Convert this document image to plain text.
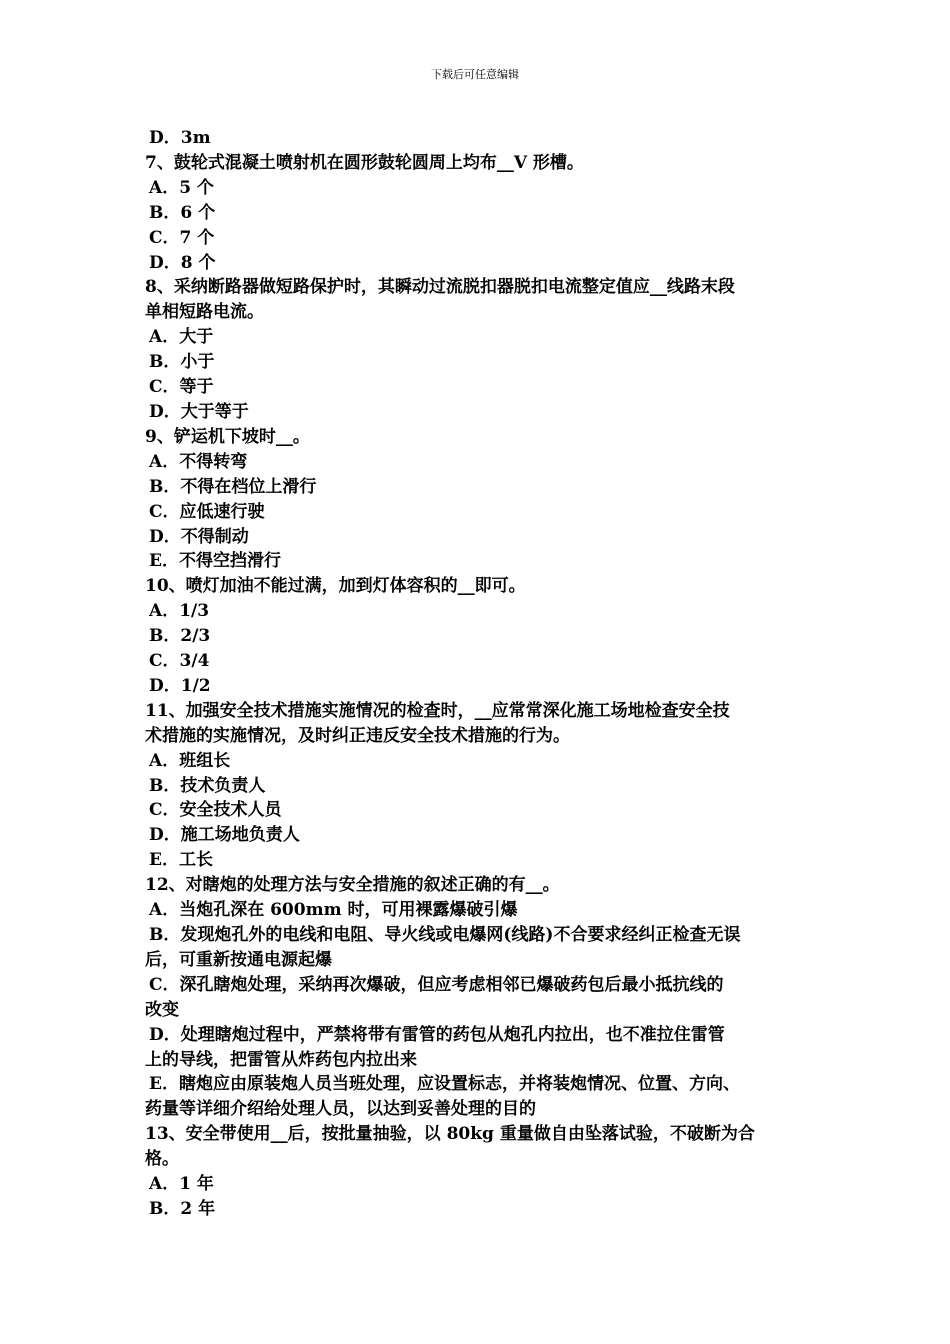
下载后可任意编辑
D．3m
7、鼓轮式混凝土喷射机在圆形鼓轮圆周上均布__V 形槽。
A．5 个
B．6 个
C．7 个
D．8 个
8、采纳断路器做短路保护时，其瞬动过流脱扣器脱扣电流整定值应__线路末段
单相短路电流。
A．大于
B．小于
C．等于
D．大于等于
9、铲运机下坡时__。
A．不得转弯
B．不得在档位上滑行
C．应低速行驶
D．不得制动
E．不得空挡滑行
10、喷灯加油不能过满，加到灯体容积的__即可。
A．1/3
B．2/3
C．3/4
D．1/2
11、加强安全技术措施实施情况的检查时，__应常常深化施工场地检查安全技
术措施的实施情况，及时纠正违反安全技术措施的行为。
A．班组长
B．技术负责人
C．安全技术人员
D．施工场地负责人
E．工长
12、对瞎炮的处理方法与安全措施的叙述正确的有__。
A．当炮孔深在 600mm 时，可用裸露爆破引爆
B．发现炮孔外的电线和电阻、导火线或电爆网(线路)不合要求经纠正检查无误
后，可重新按通电源起爆
C．深孔瞎炮处理，采纳再次爆破，但应考虑相邻已爆破药包后最小抵抗线的
改变
D．处理瞎炮过程中，严禁将带有雷管的药包从炮孔内拉出，也不准拉住雷管
上的导线，把雷管从炸药包内拉出来
E．瞎炮应由原装炮人员当班处理，应设置标志，并将装炮情况、位置、方向、
药量等详细介绍给处理人员，以达到妥善处理的目的
13、安全带使用__后，按批量抽验，以 80kg 重量做自由坠落试验，不破断为合
格。
A．1 年
B．2 年
